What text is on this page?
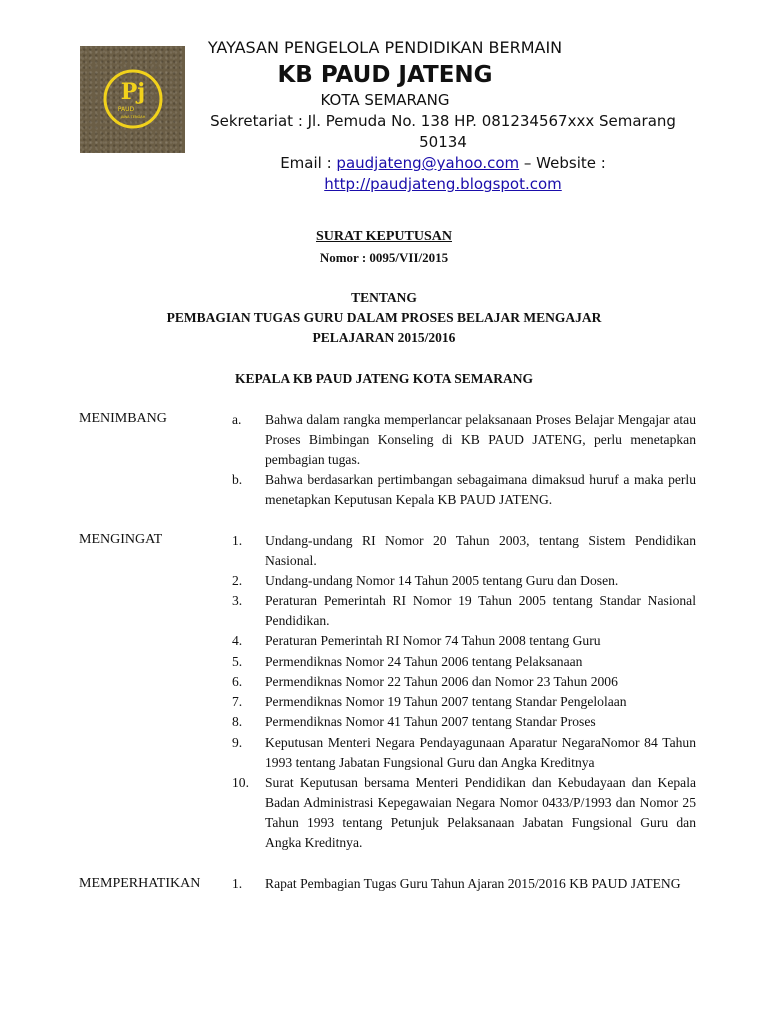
Pj
PAUD
JAWA TENGAH
YAYASAN PENGELOLA PENDIDIKAN BERMAIN
KB PAUD JATENG
KOTA SEMARANG
Sekretariat : Jl. Pemuda No. 138 HP. 081234567xxx Semarang
50134
Email : paudjateng@yahoo.com – Website :
http://paudjateng.blogspot.com
SURAT KEPUTUSAN
Nomor : 0095/VII/2015
TENTANG
PEMBAGIAN TUGAS GURU DALAM PROSES BELAJAR MENGAJAR
PELAJARAN 2015/2016
KEPALA KB PAUD JATENG KOTA SEMARANG
MENIMBANG	a.	Bahwa dalam rangka memperlancar pelaksanaan Proses Belajar Mengajar atau Proses Bimbingan Konseling di KB PAUD JATENG, perlu menetapkan pembagian tugas.
b.	Bahwa berdasarkan pertimbangan sebagaimana dimaksud huruf a maka perlu menetapkan Keputusan Kepala KB PAUD JATENG.
MENGINGAT	1.	Undang-undang RI Nomor 20 Tahun 2003, tentang Sistem Pendidikan Nasional.
2.	Undang-undang Nomor 14 Tahun 2005 tentang Guru dan Dosen.
3.	Peraturan Pemerintah RI Nomor 19 Tahun 2005 tentang Standar Nasional Pendidikan.
4.	Peraturan Pemerintah RI Nomor 74 Tahun 2008 tentang Guru
5.	Permendiknas Nomor 24 Tahun 2006 tentang Pelaksanaan
6.	Permendiknas Nomor 22 Tahun 2006 dan Nomor 23 Tahun 2006
7.	Permendiknas Nomor 19 Tahun 2007 tentang Standar Pengelolaan
8.	Permendiknas Nomor 41 Tahun 2007 tentang Standar Proses
9.	Keputusan Menteri Negara Pendayagunaan Aparatur NegaraNomor 84 Tahun 1993 tentang Jabatan Fungsional Guru dan Angka Kreditnya
10.	Surat Keputusan bersama Menteri Pendidikan dan Kebudayaan dan Kepala Badan Administrasi Kepegawaian Negara Nomor 0433/P/1993 dan Nomor 25 Tahun 1993 tentang Petunjuk Pelaksanaan Jabatan Fungsional Guru dan Angka Kreditnya.
MEMPERHATIKAN 1.	Rapat Pembagian Tugas Guru Tahun Ajaran 2015/2016 KB PAUD JATENG
